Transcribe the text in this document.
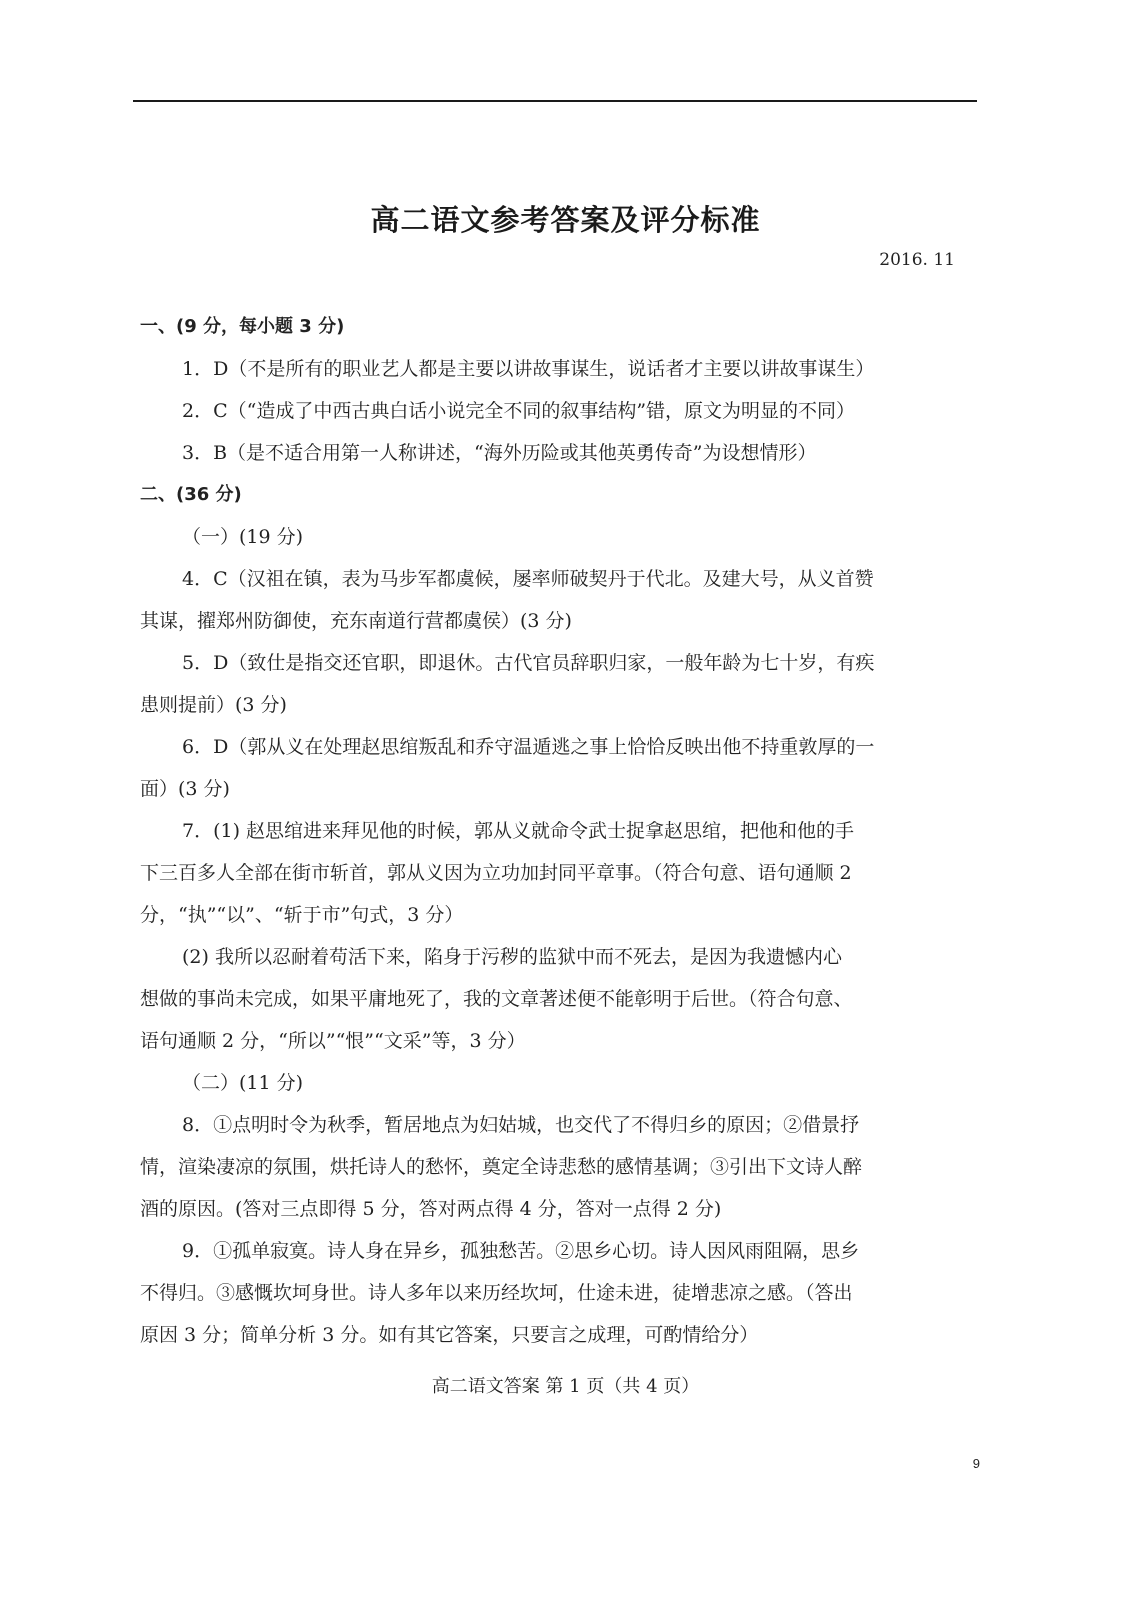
高二语文参考答案及评分标准
2016. 11

一、(9 分，每小题 3 分)

1．D（不是所有的职业艺人都是主要以讲故事谋生，说话者才主要以讲故事谋生）

2．C（“造成了中西古典白话小说完全不同的叙事结构”错，原文为明显的不同）

3．B（是不适合用第一人称讲述，“海外历险或其他英勇传奇”为设想情形）

二、(36 分)

（一）(19 分)

4．C（汉祖在镇，表为马步军都虞候，屡率师破契丹于代北。及建大号，从义首赞

其谋，擢郑州防御使，充东南道行营都虞侯）(3 分)

5．D（致仕是指交还官职，即退休。古代官员辞职归家，一般年龄为七十岁，有疾

患则提前）(3 分)

6．D（郭从义在处理赵思绾叛乱和乔守温遁逃之事上恰恰反映出他不持重敦厚的一

面）(3 分)

7．(1) 赵思绾进来拜见他的时候，郭从义就命令武士捉拿赵思绾，把他和他的手

下三百多人全部在街市斩首，郭从义因为立功加封同平章事。（符合句意、语句通顺 2

分，“执”“以”、“斩于市”句式，3 分）

(2) 我所以忍耐着苟活下来，陷身于污秽的监狱中而不死去，是因为我遗憾内心

想做的事尚未完成，如果平庸地死了，我的文章著述便不能彰明于后世。（符合句意、

语句通顺 2 分，“所以”“恨”“文采”等，3 分）

（二）(11 分)

8．①点明时令为秋季，暂居地点为妇姑城，也交代了不得归乡的原因；②借景抒

情，渲染凄凉的氛围，烘托诗人的愁怀，奠定全诗悲愁的感情基调；③引出下文诗人醉

酒的原因。(答对三点即得 5 分，答对两点得 4 分，答对一点得 2 分)

9．①孤单寂寞。诗人身在异乡，孤独愁苦。②思乡心切。诗人因风雨阻隔，思乡

不得归。③感慨坎坷身世。诗人多年以来历经坎坷，仕途未进，徒增悲凉之感。（答出

原因 3 分；简单分析 3 分。如有其它答案，只要言之成理，可酌情给分）

高二语文答案 第 1 页（共 4 页）
9
